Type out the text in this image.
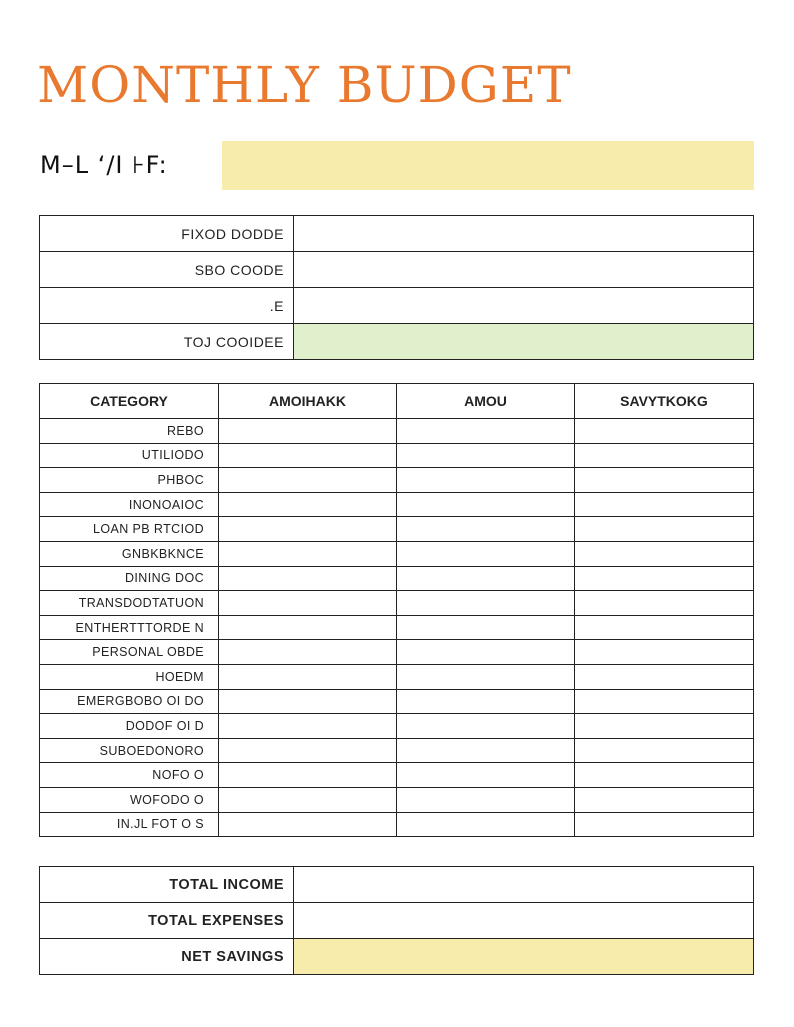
MONTHLY BUDGET
M–L ‘/I ⊦F:
FIXOD DODDE	
SBO COODE	
.E	
TOJ COOIDEE	
CATEGORY	AMOIHAKK	AMOU	SAVYTKOKG
REBO			
UTILIODO			
PHBOC			
INONOAIOC			
LOAN PB RTCIOD			
GNBKBKNCE			
DINING DOC			
TRANSDODTATUON			
ENTHERTTTORDE N			
PERSONAL OBDE			
HOEDM			
EMERGBOBO OI DO			
DODOF OI D			
SUBOEDONORO			
NOFO O			
WOFODO O			
IN.JL FOT O S			
TOTAL INCOME	
TOTAL EXPENSES	
NET SAVINGS	
